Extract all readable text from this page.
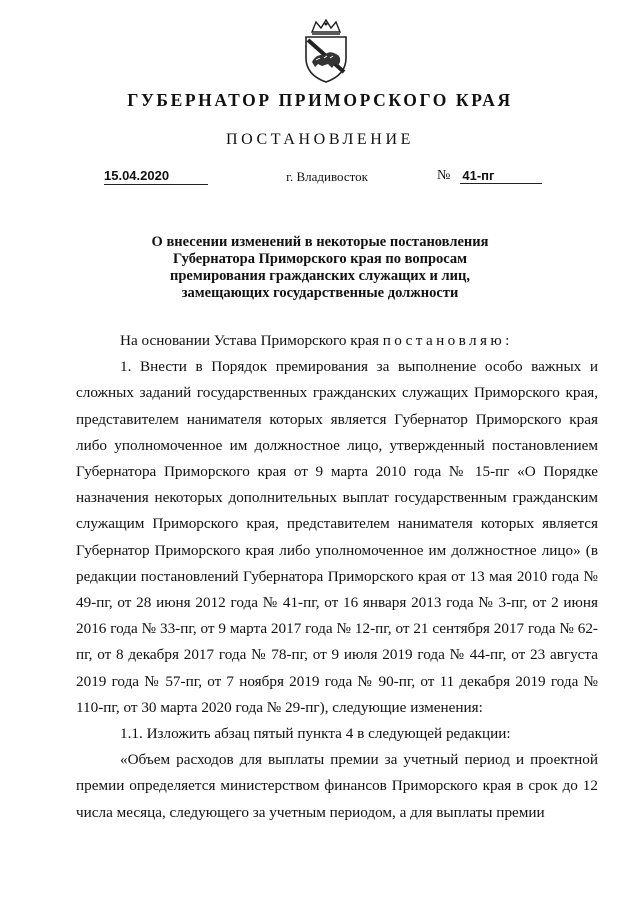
ГУБЕРНАТОР ПРИМОРСКОГО КРАЯ
ПОСТАНОВЛЕНИЕ
15.04.2020	г. Владивосток	№ 41-пг
О внесении изменений в некоторые постановления
Губернатора Приморского края по вопросам
премирования гражданских служащих и лиц,
замещающих государственные должности

На основании Устава Приморского края постановляю:

1. Внести в Порядок премирования за выполнение особо важных и сложных заданий государственных гражданских служащих Приморского края, представителем нанимателя которых является Губернатор Приморского края либо уполномоченное им должностное лицо, утвержденный постановлением Губернатора Приморского края от 9 марта 2010 года № 15-пг «О Порядке назначения некоторых дополнительных выплат государственным гражданским служащим Приморского края, представителем нанимателя которых является Губернатор Приморского края либо уполномоченное им должностное лицо» (в редакции постановлений Губернатора Приморского края от 13 мая 2010 года № 49-пг, от 28 июня 2012 года № 41-пг, от 16 января 2013 года № 3-пг, от 2 июня 2016 года № 33-пг, от 9 марта 2017 года № 12-пг, от 21 сентября 2017 года № 62-пг, от 8 декабря 2017 года № 78-пг, от 9 июля 2019 года № 44-пг, от 23 августа 2019 года № 57-пг, от 7 ноября 2019 года № 90-пг, от 11 декабря 2019 года № 110-пг, от 30 марта 2020 года № 29-пг), следующие изменения:

1.1. Изложить абзац пятый пункта 4 в следующей редакции:

«Объем расходов для выплаты премии за учетный период и проектной премии определяется министерством финансов Приморского края в срок до 12 числа месяца, следующего за учетным периодом, а для выплаты премии
